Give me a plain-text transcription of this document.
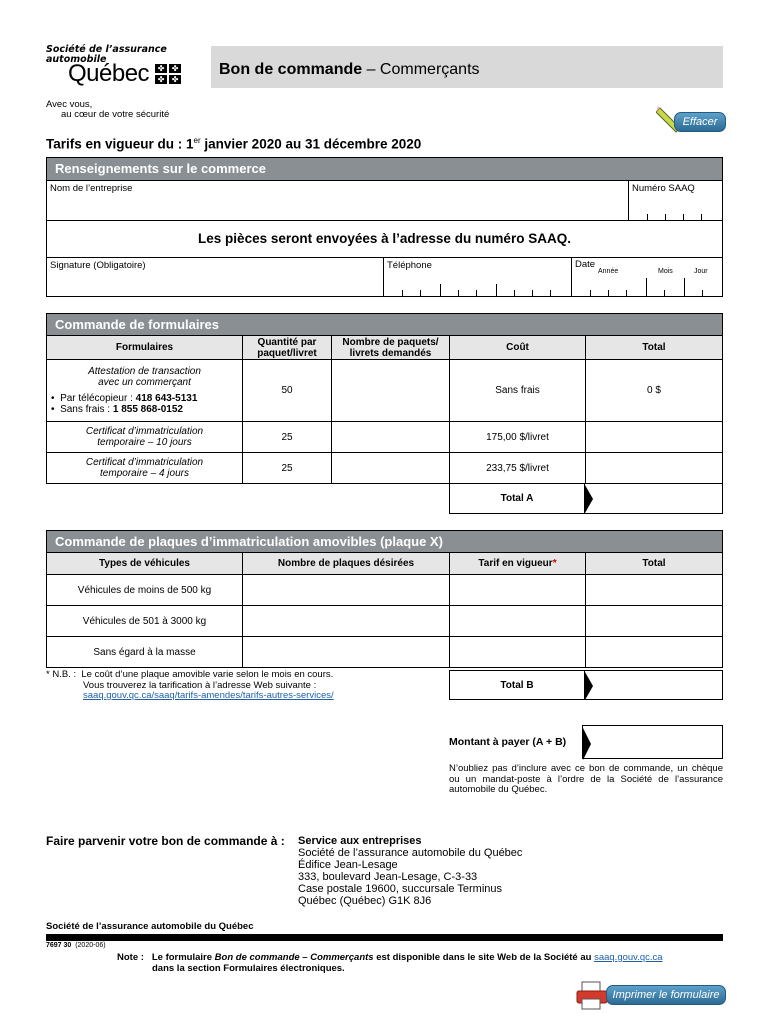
Société de l’assurance
automobile
Québec	✤ ✤
✤ ✤
Avec vous,
au cœur de votre sécurité
Bon de commande – Commerçants
Effacer
Tarifs en vigueur du : 1er janvier 2020 au 31 décembre 2020
Renseignements sur le commerce
Nom de l’entreprise	Numéro SAAQ
Les pièces seront envoyées à l’adresse du numéro SAAQ.
Signature (Obligatoire)	Téléphone	Date
Année	Mois	Jour
Commande de formulaires
Formulaires	Quantité par paquet/livret	Nombre de paquets/ livrets demandés	Coût	Total

Attestation de transaction
avec un commerçant
•  Par télécopieur : 418 643-5131
•  Sans frais : 1 855 868-0152	50		Sans frais	0 $

Certificat d’immatriculation
temporaire – 10 jours	25		175,00 $/livret	

Certificat d’immatriculation
temporaire – 4 jours	25		233,75 $/livret	
Total A
Commande de plaques d’immatriculation amovibles (plaque X)
Types de véhicules	Nombre de plaques désirées	Tarif en vigueur*	Total
Véhicules de moins de 500 kg			
Véhicules de 501 à 3000 kg			
Sans égard à la masse			
* N.B. : Le coût d’une plaque amovible varie selon le mois en cours.
Vous trouverez la tarification à l’adresse Web suivante :
saaq.gouv.qc.ca/saaq/tarifs-amendes/tarifs-autres-services/
Total B
Montant à payer (A + B)
N’oubliez pas d’inclure avec ce bon de commande, un chèque ou un mandat-poste à l’ordre de la Société de l’assurance automobile du Québec.
Faire parvenir votre bon de commande à : Service aux entreprises
Société de l’assurance automobile du Québec
Édifice Jean-Lesage
333, boulevard Jean-Lesage, C-3-33
Case postale 19600, succursale Terminus
Québec (Québec) G1K 8J6
Société de l’assurance automobile du Québec
7697 30 (2020-06)
Note : Le formulaire Bon de commande – Commerçants est disponible dans le site Web de la Société au saaq.gouv.qc.ca
dans la section Formulaires électroniques.
Imprimer le formulaire
